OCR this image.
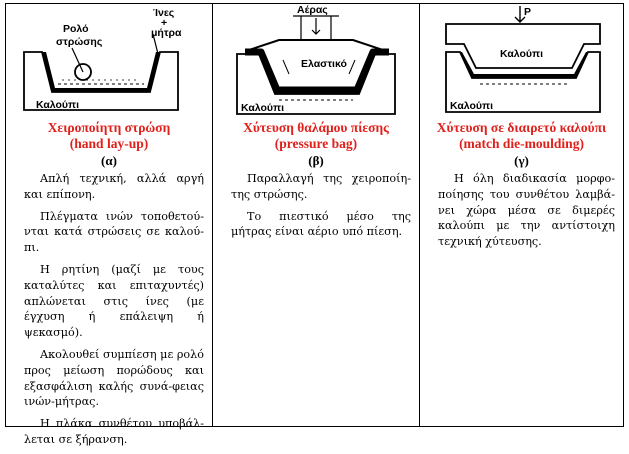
Ρολό
στρώσης
Ίνες
+
μήτρα
Καλούπι
Χειροποίητη στρώση
(hand lay-up)
(α)

Απλή τεχνική, αλλά αργή και επίπονη.

Πλέγματα ινών τοποθετού-νται κατά στρώσεις σε καλού-πι.

Η ρητίνη (μαζί με τους καταλύτες και επιταχυντές) απλώνεται στις ίνες (με έγχυση ή επάλειψη ή ψεκασμό).

Ακολουθεί συμπίεση με ρολό προς μείωση πορώδους και εξασφάλιση καλής συνά-φειας ινών-μήτρας.

Η πλάκα συνθέτου υποβάλ-λεται σε ξήρανση.

Ελαστικό
Αέρας
Καλούπι
Χύτευση θαλάμου πίεσης
(pressure bag)
(β)

Παραλλαγή της χειροποίη-της στρώσης.

Το πιεστικό μέσο της μήτρας είναι αέριο υπό πίεση.

P
Καλούπι
Καλούπι
Χύτευση σε διαιρετό καλούπι
(match die-moulding)
(γ)

Η όλη διαδικασία μορφο-ποίησης του συνθέτου λαμβά-νει χώρα μέσα σε διμερές καλούπι με την αντίστοιχη τεχνική χύτευσης.
